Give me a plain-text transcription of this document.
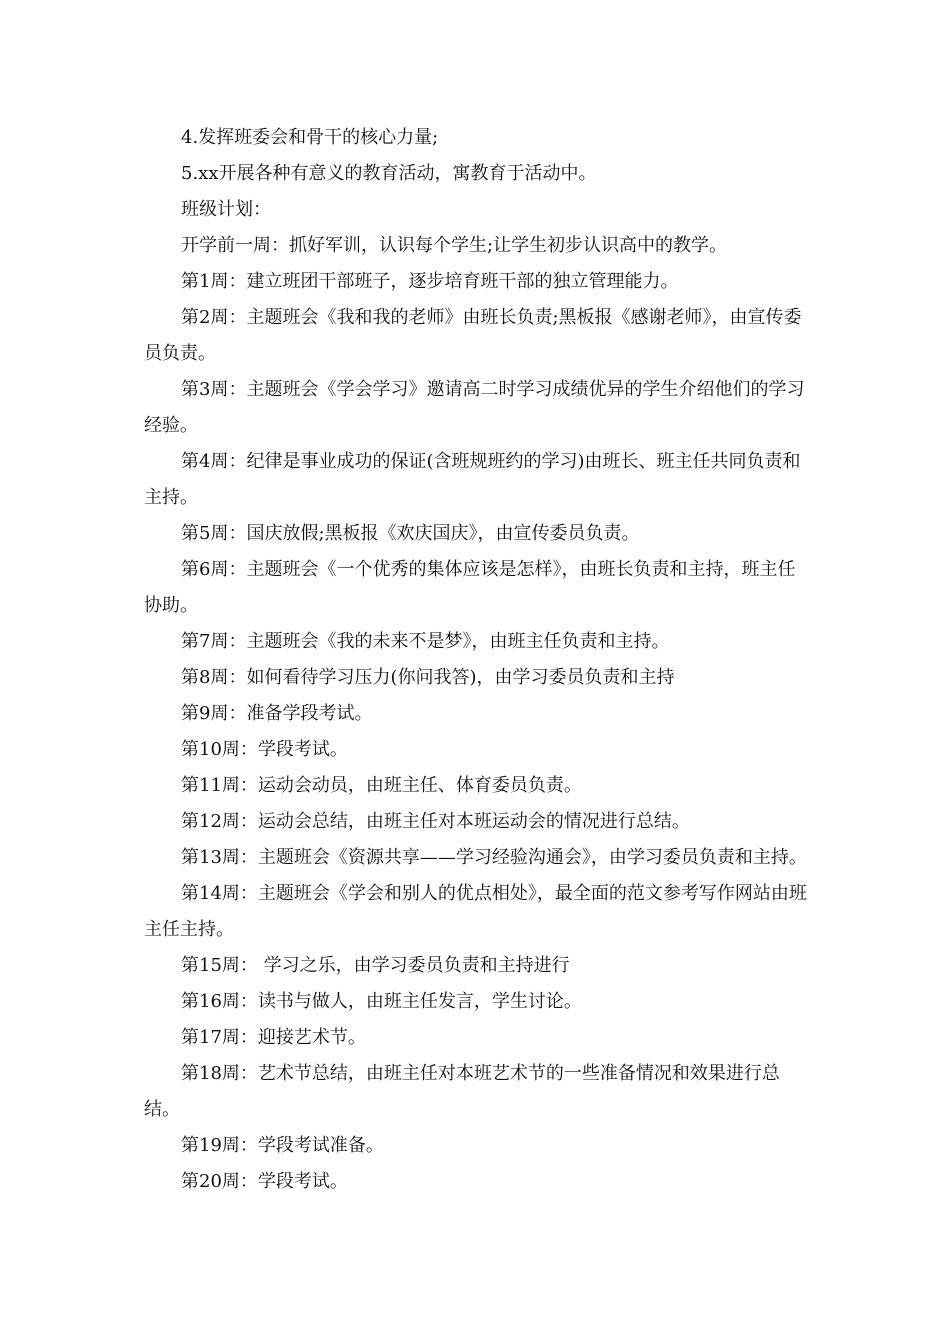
4.发挥班委会和骨干的核心力量;

5.xx开展各种有意义的教育活动，寓教育于活动中。

班级计划：

开学前一周：抓好军训，认识每个学生;让学生初步认识高中的教学。

第1周：建立班团干部班子，逐步培育班干部的独立管理能力。

第2周：主题班会《我和我的老师》由班长负责;黑板报《感谢老师》，由宣传委员负责。

第3周：主题班会《学会学习》邀请高二时学习成绩优异的学生介绍他们的学习经验。

第4周：纪律是事业成功的保证(含班规班约的学习)由班长、班主任共同负责和主持。

第5周：国庆放假;黑板报《欢庆国庆》，由宣传委员负责。

第6周：主题班会《一个优秀的集体应该是怎样》，由班长负责和主持，班主任协助。

第7周：主题班会《我的未来不是梦》，由班主任负责和主持。

第8周：如何看待学习压力(你问我答)，由学习委员负责和主持

第9周：准备学段考试。

第10周：学段考试。

第11周：运动会动员，由班主任、体育委员负责。

第12周：运动会总结，由班主任对本班运动会的情况进行总结。

第13周：主题班会《资源共享——学习经验沟通会》，由学习委员负责和主持。

第14周：主题班会《学会和别人的优点相处》，最全面的范文参考写作网站由班主任主持。

第15周： 学习之乐，由学习委员负责和主持进行

第16周：读书与做人，由班主任发言，学生讨论。

第17周：迎接艺术节。

第18周：艺术节总结，由班主任对本班艺术节的一些准备情况和效果进行总结。

第19周：学段考试准备。

第20周：学段考试。
